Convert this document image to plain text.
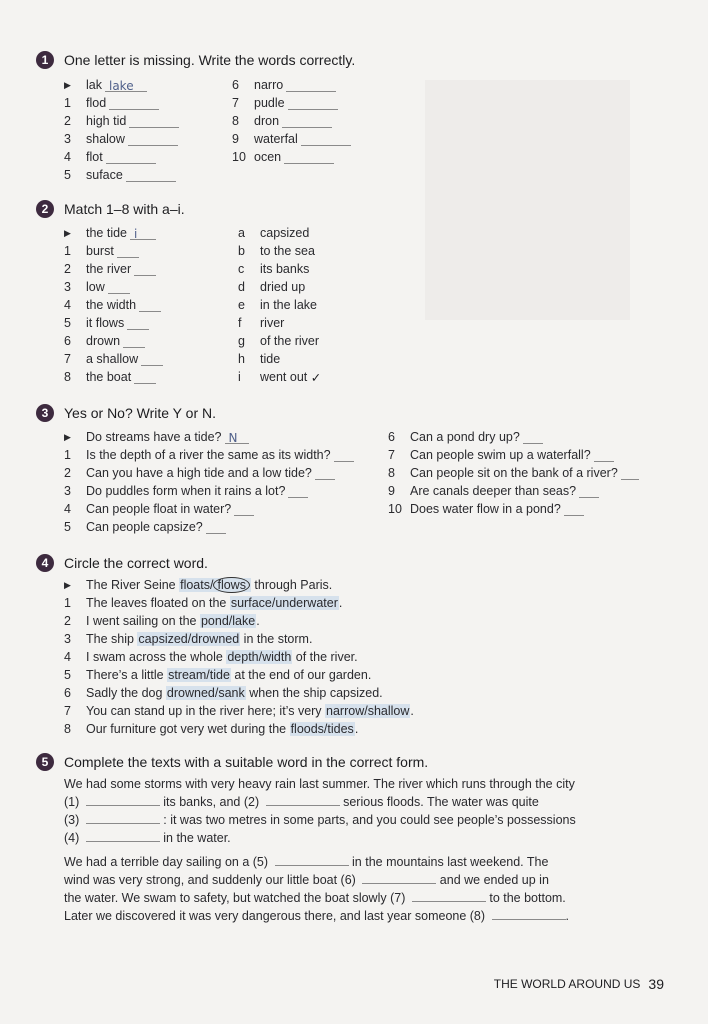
1	One letter is missing. Write the words correctly.
▶	lak lake
1	flod
2	high tid
3	shalow
4	flot
5	suface
6	narro
7	pudle
8	dron
9	waterfal
10 ocen
2	Match 1–8 with a–i.
▶	the tide i
1	burst
2	the river
3	low
4	the width
5	it flows
6	drown
7	a shallow
8	the boat
a	capsized
b	to the sea
c	its banks
d	dried up
e	in the lake
f	river
g	of the river
h	tide
i	went out
✓
3	Yes or No? Write Y or N.
▶	Do streams have a tide? N
1	Is the depth of a river the same as its width?
2	Can you have a high tide and a low tide?
3	Do puddles form when it rains a lot?
4	Can people float in water?
5	Can people capsize?
6	Can a pond dry up?
7	Can people swim up a waterfall?
8	Can people sit on the bank of a river?
9	Are canals deeper than seas?
10 Does water flow in a pond?
4	Circle the correct word.
▶	The River Seine floats/ flows through Paris.
1	The leaves floated on the surface/underwater .
2	I went sailing on the pond/lake .
3	The ship capsized/drowned in the storm.
4	I swam across the whole depth/width of the river.
5	There’s a little stream/tide at the end of our garden.
6	Sadly the dog drowned/sank when the ship capsized.
7	You can stand up in the river here; it’s very narrow/shallow .
8	Our furniture got very wet during the floods/tides .
5	Complete the texts with a suitable word in the correct form.
We had some storms with very heavy rain last summer. The river which runs through the city
(1)	its banks, and (2)	serious floods. The water was quite
(3)	: it was two metres in some parts, and you could see people’s possessions
(4)	in the water.
We had a terrible day sailing on a (5)	in the mountains last weekend. The
wind was very strong, and suddenly our little boat (6)	and we ended up in
the water. We swam to safety, but watched the boat slowly (7)	to the bottom.
Later we discovered it was very dangerous there, and last year someone (8)	.
THE WORLD AROUND US 39
